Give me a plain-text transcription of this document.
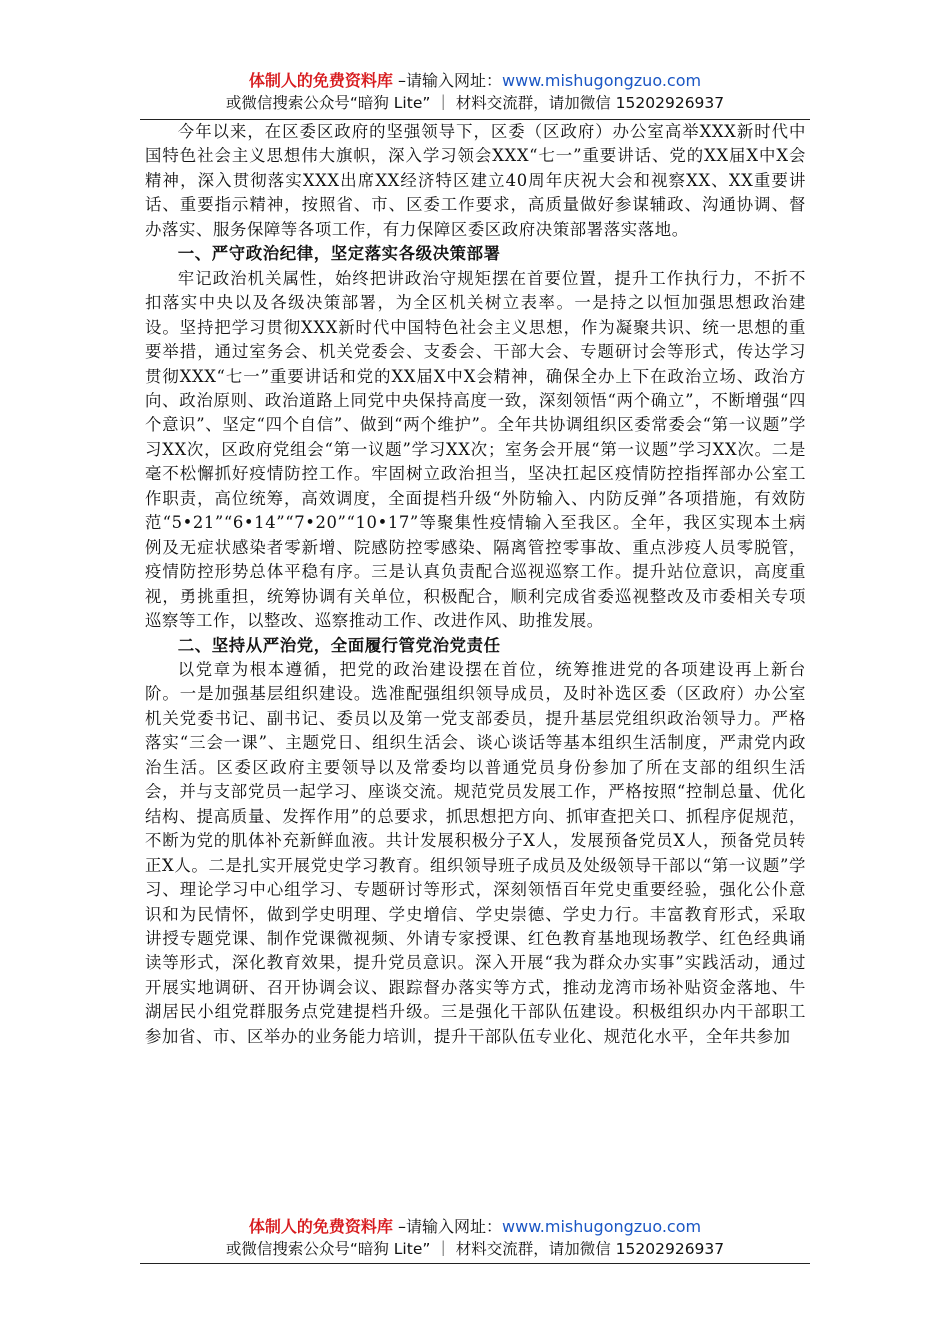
体制人的免费资料库 –请输入网址：www.mishugongzuo.com
或微信搜索公众号“暗狗 Lite” ｜ 材料交流群，请加微信 15202926937

今年以来，在区委区政府的坚强领导下，区委（区政府）办公室高举XXX新时代中国特色社会主义思想伟大旗帜，深入学习领会XXX“七一”重要讲话、党的XX届X中X会精神，深入贯彻落实XXX出席XX经济特区建立40周年庆祝大会和视察XX、XX重要讲话、重要指示精神，按照省、市、区委工作要求，高质量做好参谋辅政、沟通协调、督办落实、服务保障等各项工作，有力保障区委区政府决策部署落实落地。

一、严守政治纪律，坚定落实各级决策部署

牢记政治机关属性，始终把讲政治守规矩摆在首要位置，提升工作执行力，不折不扣落实中央以及各级决策部署，为全区机关树立表率。一是持之以恒加强思想政治建设。坚持把学习贯彻XXX新时代中国特色社会主义思想，作为凝聚共识、统一思想的重要举措，通过室务会、机关党委会、支委会、干部大会、专题研讨会等形式，传达学习贯彻XXX“七一”重要讲话和党的XX届X中X会精神，确保全办上下在政治立场、政治方向、政治原则、政治道路上同党中央保持高度一致，深刻领悟“两个确立”，不断增强“四个意识”、坚定“四个自信”、做到“两个维护”。全年共协调组织区委常委会“第一议题”学习XX次，区政府党组会“第一议题”学习XX次；室务会开展“第一议题”学习XX次。二是毫不松懈抓好疫情防控工作。牢固树立政治担当，坚决扛起区疫情防控指挥部办公室工作职责，高位统筹，高效调度，全面提档升级“外防输入、内防反弹”各项措施，有效防范“5•21”“6•14”“7•20”“10•17”等聚集性疫情输入至我区。全年，我区实现本土病例及无症状感染者零新增、院感防控零感染、隔离管控零事故、重点涉疫人员零脱管，疫情防控形势总体平稳有序。三是认真负责配合巡视巡察工作。提升站位意识，高度重视，勇挑重担，统筹协调有关单位，积极配合，顺利完成省委巡视整改及市委相关专项巡察等工作，以整改、巡察推动工作、改进作风、助推发展。

二、坚持从严治党，全面履行管党治党责任

以党章为根本遵循，把党的政治建设摆在首位，统筹推进党的各项建设再上新台阶。一是加强基层组织建设。选准配强组织领导成员，及时补选区委（区政府）办公室机关党委书记、副书记、委员以及第一党支部委员，提升基层党组织政治领导力。严格落实“三会一课”、主题党日、组织生活会、谈心谈话等基本组织生活制度，严肃党内政治生活。区委区政府主要领导以及常委均以普通党员身份参加了所在支部的组织生活会，并与支部党员一起学习、座谈交流。规范党员发展工作，严格按照“控制总量、优化结构、提高质量、发挥作用”的总要求，抓思想把方向、抓审查把关口、抓程序促规范，不断为党的肌体补充新鲜血液。共计发展积极分子X人，发展预备党员X人，预备党员转正X人。二是扎实开展党史学习教育。组织领导班子成员及处级领导干部以“第一议题”学习、理论学习中心组学习、专题研讨等形式，深刻领悟百年党史重要经验，强化公仆意识和为民情怀，做到学史明理、学史增信、学史崇德、学史力行。丰富教育形式，采取讲授专题党课、制作党课微视频、外请专家授课、红色教育基地现场教学、红色经典诵读等形式，深化教育效果，提升党员意识。深入开展“我为群众办实事”实践活动，通过开展实地调研、召开协调会议、跟踪督办落实等方式，推动龙湾市场补贴资金落地、牛湖居民小组党群服务点党建提档升级。三是强化干部队伍建设。积极组织办内干部职工参加省、市、区举办的业务能力培训，提升干部队伍专业化、规范化水平，全年共参加

体制人的免费资料库 –请输入网址：www.mishugongzuo.com
或微信搜索公众号“暗狗 Lite” ｜ 材料交流群，请加微信 15202926937
